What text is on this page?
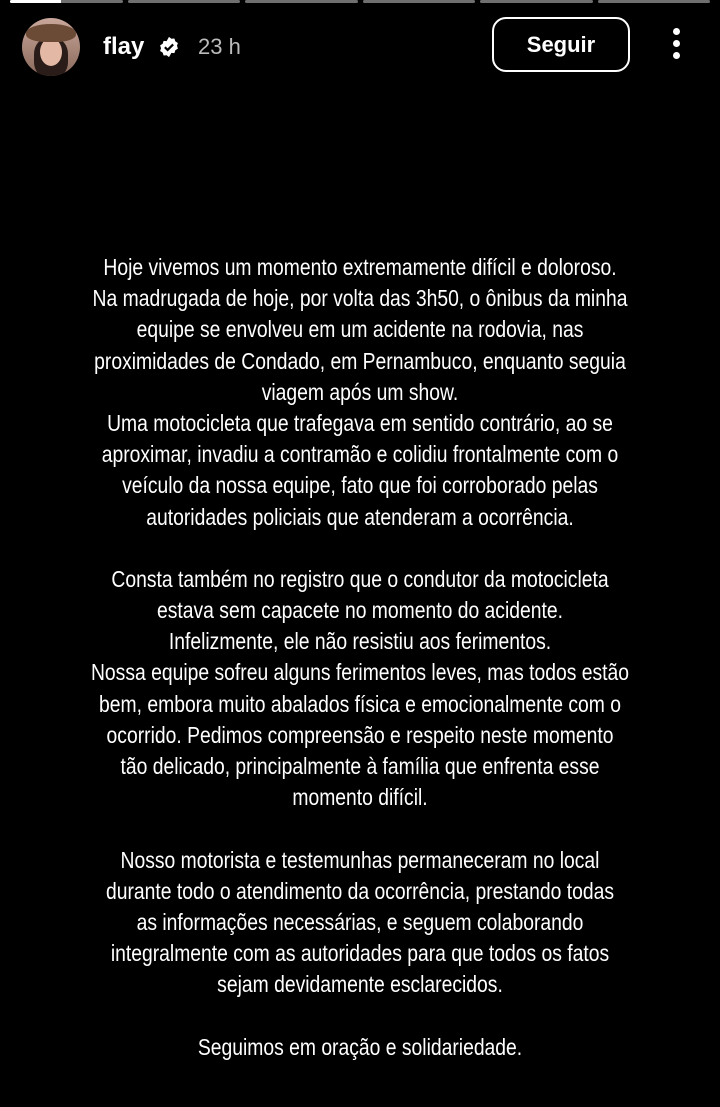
flay 23 h	Seguir
Hoje vivemos um momento extremamente difícil e doloroso.
Na madrugada de hoje, por volta das 3h50, o ônibus da minha
equipe se envolveu em um acidente na rodovia, nas
proximidades de Condado, em Pernambuco, enquanto seguia
viagem após um show.
Uma motocicleta que trafegava em sentido contrário, ao se
aproximar, invadiu a contramão e colidiu frontalmente com o
veículo da nossa equipe, fato que foi corroborado pelas
autoridades policiais que atenderam a ocorrência.
Consta também no registro que o condutor da motocicleta
estava sem capacete no momento do acidente.
Infelizmente, ele não resistiu aos ferimentos.
Nossa equipe sofreu alguns ferimentos leves, mas todos estão
bem, embora muito abalados física e emocionalmente com o
ocorrido. Pedimos compreensão e respeito neste momento
tão delicado, principalmente à família que enfrenta esse
momento difícil.
Nosso motorista e testemunhas permaneceram no local
durante todo o atendimento da ocorrência, prestando todas
as informações necessárias, e seguem colaborando
integralmente com as autoridades para que todos os fatos
sejam devidamente esclarecidos.
Seguimos em oração e solidariedade.
